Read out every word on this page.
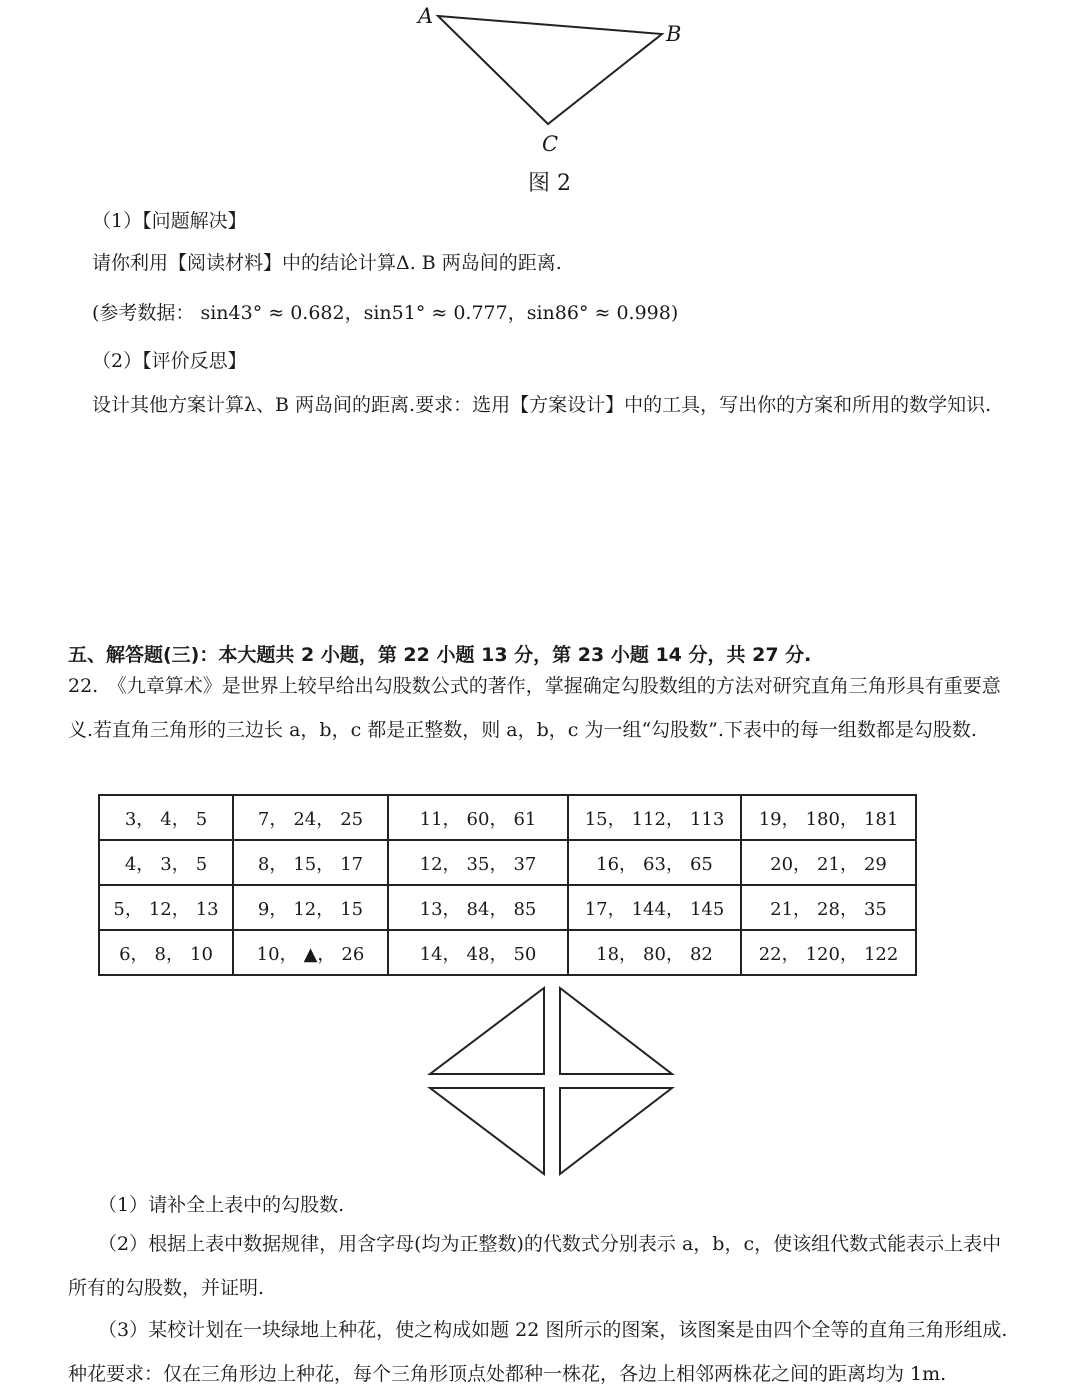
A
B
C
图 2
（1）【问题解决】
请你利用【阅读材料】中的结论计算Δ. B 两岛间的距离.
(参考数据： sin43° ≈ 0.682，sin51° ≈ 0.777，sin86° ≈ 0.998)
（2）【评价反思】
设计其他方案计算λ、B 两岛间的距离.要求：选用【方案设计】中的工具，写出你的方案和所用的数学知识.
五、解答题(三)：本大题共 2 小题，第 22 小题 13 分，第 23 小题 14 分，共 27 分.
22.　《九章算术》是世界上较早给出勾股数公式的著作，掌握确定勾股数组的方法对研究直角三角形具有重要意义.若直角三角形的三边长 a，b，c 都是正整数，则 a，b，c 为一组“勾股数”.下表中的每一组数都是勾股数.
3， 4， 5	7， 24， 25	11， 60， 61	15， 112， 113	19， 180， 181
4， 3， 5	8， 15， 17	12， 35， 37	16， 63， 65	20， 21， 29
5， 12， 13	9， 12， 15	13， 84， 85	17， 144， 145	21， 28， 35
6， 8， 10	10， ▲， 26	14， 48， 50	18， 80， 82	22， 120， 122
（1）请补全上表中的勾股数.
（2）根据上表中数据规律，用含字母(均为正整数)的代数式分别表示 a，b，c，使该组代数式能表示上表中所有的勾股数，并证明.
（3）某校计划在一块绿地上种花，使之构成如题 22 图所示的图案，该图案是由四个全等的直角三角形组成.种花要求：仅在三角形边上种花，每个三角形顶点处都种一株花，各边上相邻两株花之间的距离均为 1m.
